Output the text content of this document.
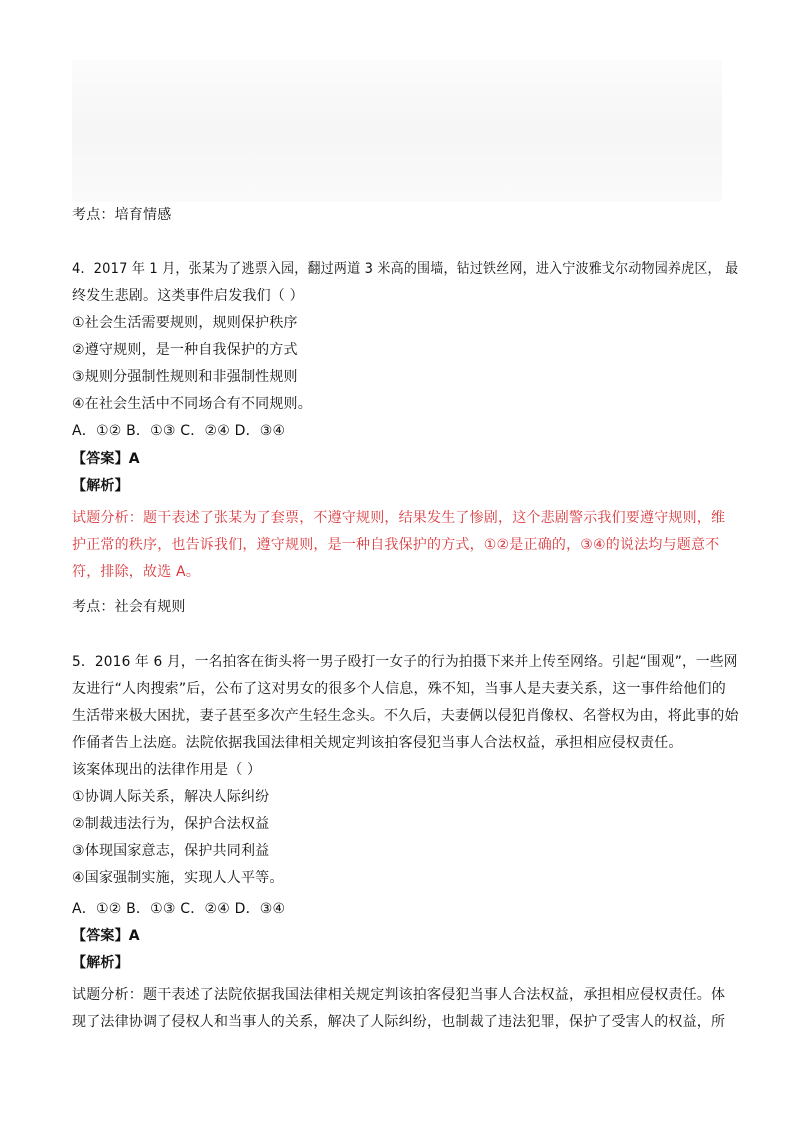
考点：培育情感
4．2017 年 1 月，张某为了逃票入园，翻过两道 3 米高的围墙，钻过铁丝网，进入宁波雅戈尔动物园养虎区， 最
终发生悲剧。这类事件启发我们（ ）
①社会生活需要规则，规则保护秩序
②遵守规则，是一种自我保护的方式
③规则分强制性规则和非强制性规则
④在社会生活中不同场合有不同规则。
A．①② B．①③ C．②④ D．③④
【答案】A
【解析】
试题分析：题干表述了张某为了套票，不遵守规则，结果发生了惨剧，这个悲剧警示我们要遵守规则，维
护正常的秩序，也告诉我们，遵守规则，是一种自我保护的方式，①②是正确的，③④的说法均与题意不
符，排除，故选 A。
考点：社会有规则
5．2016 年 6 月，一名拍客在街头将一男子殴打一女子的行为拍摄下来并上传至网络。引起“围观”，一些网
友进行“人肉搜索”后，公布了这对男女的很多个人信息，殊不知，当事人是夫妻关系，这一事件给他们的
生活带来极大困扰，妻子甚至多次产生轻生念头。不久后，夫妻俩以侵犯肖像权、名誉权为由，将此事的始
作俑者告上法庭。法院依据我国法律相关规定判该拍客侵犯当事人合法权益，承担相应侵权责任。
该案体现出的法律作用是（ ）
①协调人际关系，解决人际纠纷
②制裁违法行为，保护合法权益
③体现国家意志，保护共同利益
④国家强制实施，实现人人平等。
A．①② B．①③ C．②④ D．③④
【答案】A
【解析】
试题分析：题干表述了法院依据我国法律相关规定判该拍客侵犯当事人合法权益，承担相应侵权责任。体
现了法律协调了侵权人和当事人的关系，解决了人际纠纷，也制裁了违法犯罪，保护了受害人的权益，所
